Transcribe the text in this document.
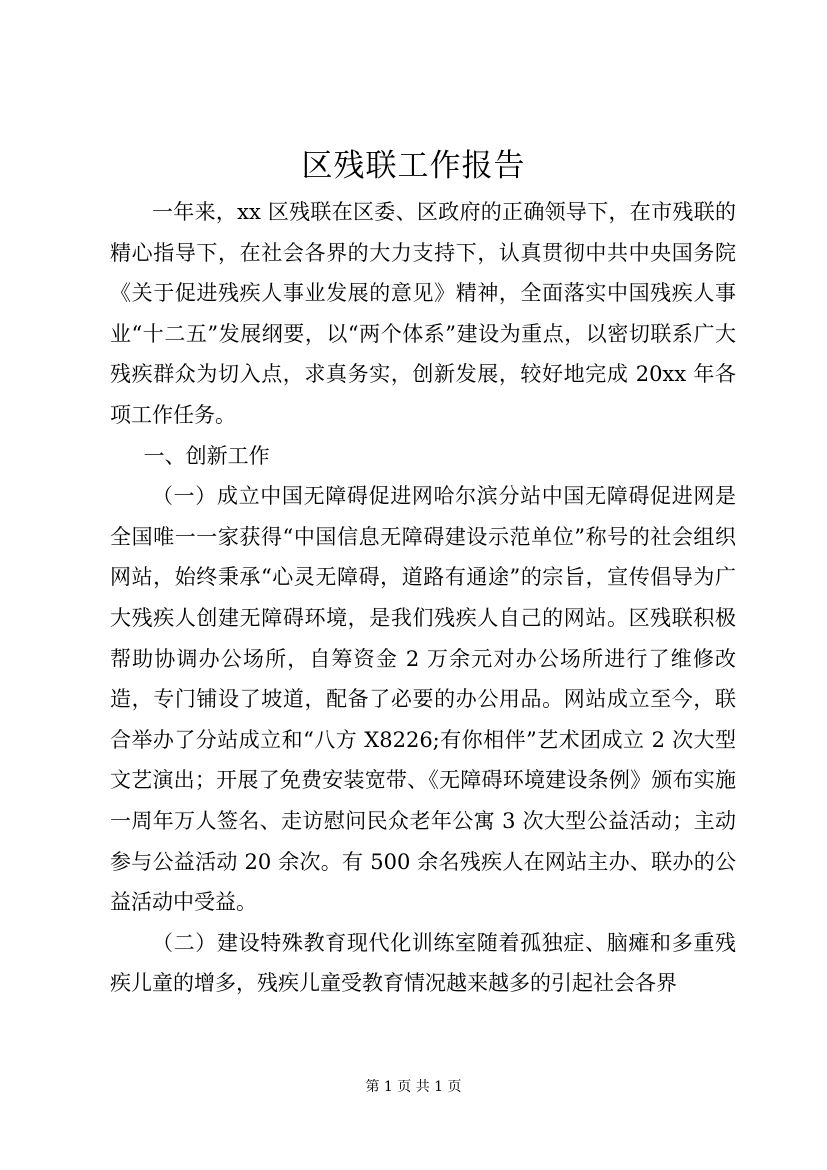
区残联工作报告

一年来，xx 区残联在区委、区政府的正确领导下，在市残联的精心指导下，在社会各界的大力支持下，认真贯彻中共中央国务院《关于促进残疾人事业发展的意见》精神，全面落实中国残疾人事业“十二五”发展纲要，以“两个体系”建设为重点，以密切联系广大残疾群众为切入点，求真务实，创新发展，较好地完成 20xx 年各项工作任务。

一、创新工作

（一）成立中国无障碍促进网哈尔滨分站中国无障碍促进网是全国唯一一家获得“中国信息无障碍建设示范单位”称号的社会组织网站，始终秉承“心灵无障碍，道路有通途”的宗旨，宣传倡导为广大残疾人创建无障碍环境，是我们残疾人自己的网站。区残联积极帮助协调办公场所，自筹资金 2 万余元对办公场所进行了维修改造，专门铺设了坡道，配备了必要的办公用品。网站成立至今，联合举办了分站成立和“八方 X8226;有你相伴”艺术团成立 2 次大型文艺演出；开展了免费安装宽带、《无障碍环境建设条例》颁布实施一周年万人签名、走访慰问民众老年公寓 3 次大型公益活动；主动参与公益活动 20 余次。有 500 余名残疾人在网站主办、联办的公益活动中受益。

（二）建设特殊教育现代化训练室随着孤独症、脑瘫和多重残疾儿童的增多，残疾儿童受教育情况越来越多的引起社会各界

第 1 页 共 1 页
